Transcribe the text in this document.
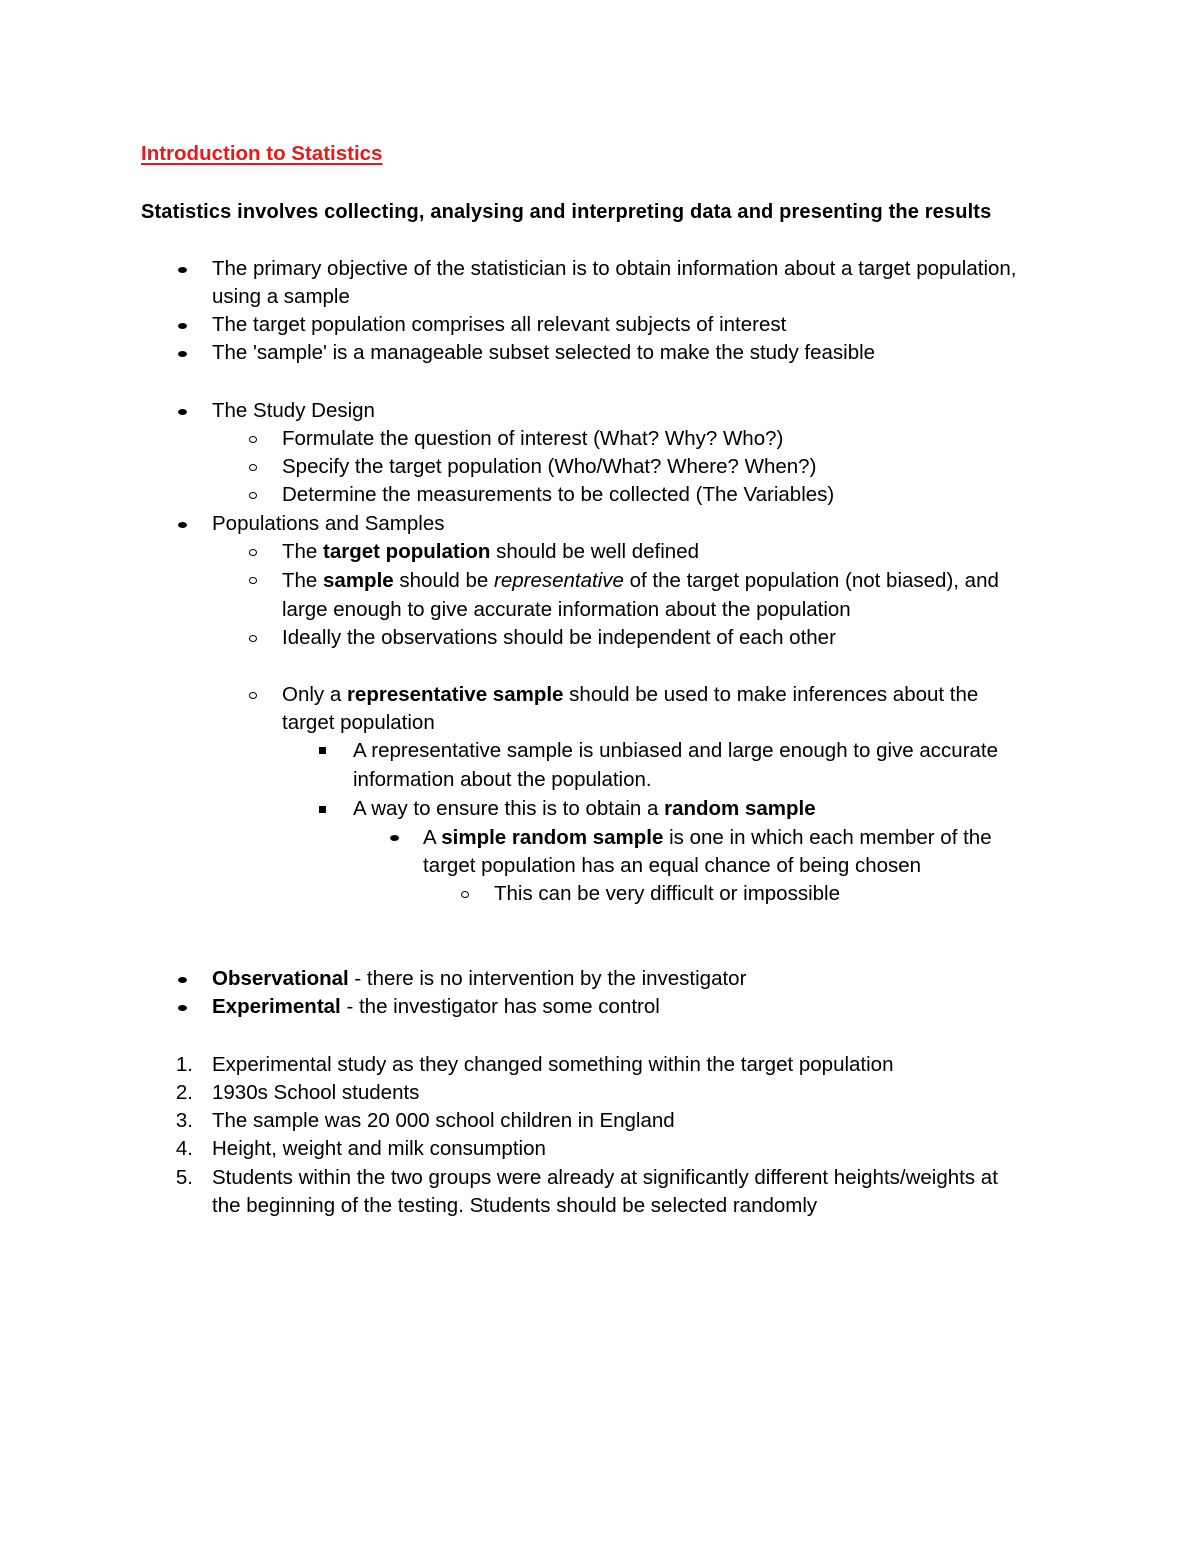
Introduction to Statistics
Statistics involves collecting, analysing and interpreting data and presenting the results
The primary objective of the statistician is to obtain information about a target population,
using a sample
The target population comprises all relevant subjects of interest
The 'sample' is a manageable subset selected to make the study feasible
The Study Design
Formulate the question of interest (What? Why? Who?)
Specify the target population (Who/What? Where? When?)
Determine the measurements to be collected (The Variables)
Populations and Samples
The target population should be well defined
The sample should be representative of the target population (not biased), and
large enough to give accurate information about the population
Ideally the observations should be independent of each other
Only a representative sample should be used to make inferences about the
target population
A representative sample is unbiased and large enough to give accurate
information about the population.
A way to ensure this is to obtain a random sample
A simple random sample is one in which each member of the
target population has an equal chance of being chosen
This can be very difficult or impossible
Observational - there is no intervention by the investigator
Experimental - the investigator has some control
1. Experimental study as they changed something within the target population
2. 1930s School students
3. The sample was 20 000 school children in England
4. Height, weight and milk consumption
5. Students within the two groups were already at significantly different heights/weights at
the beginning of the testing. Students should be selected randomly
